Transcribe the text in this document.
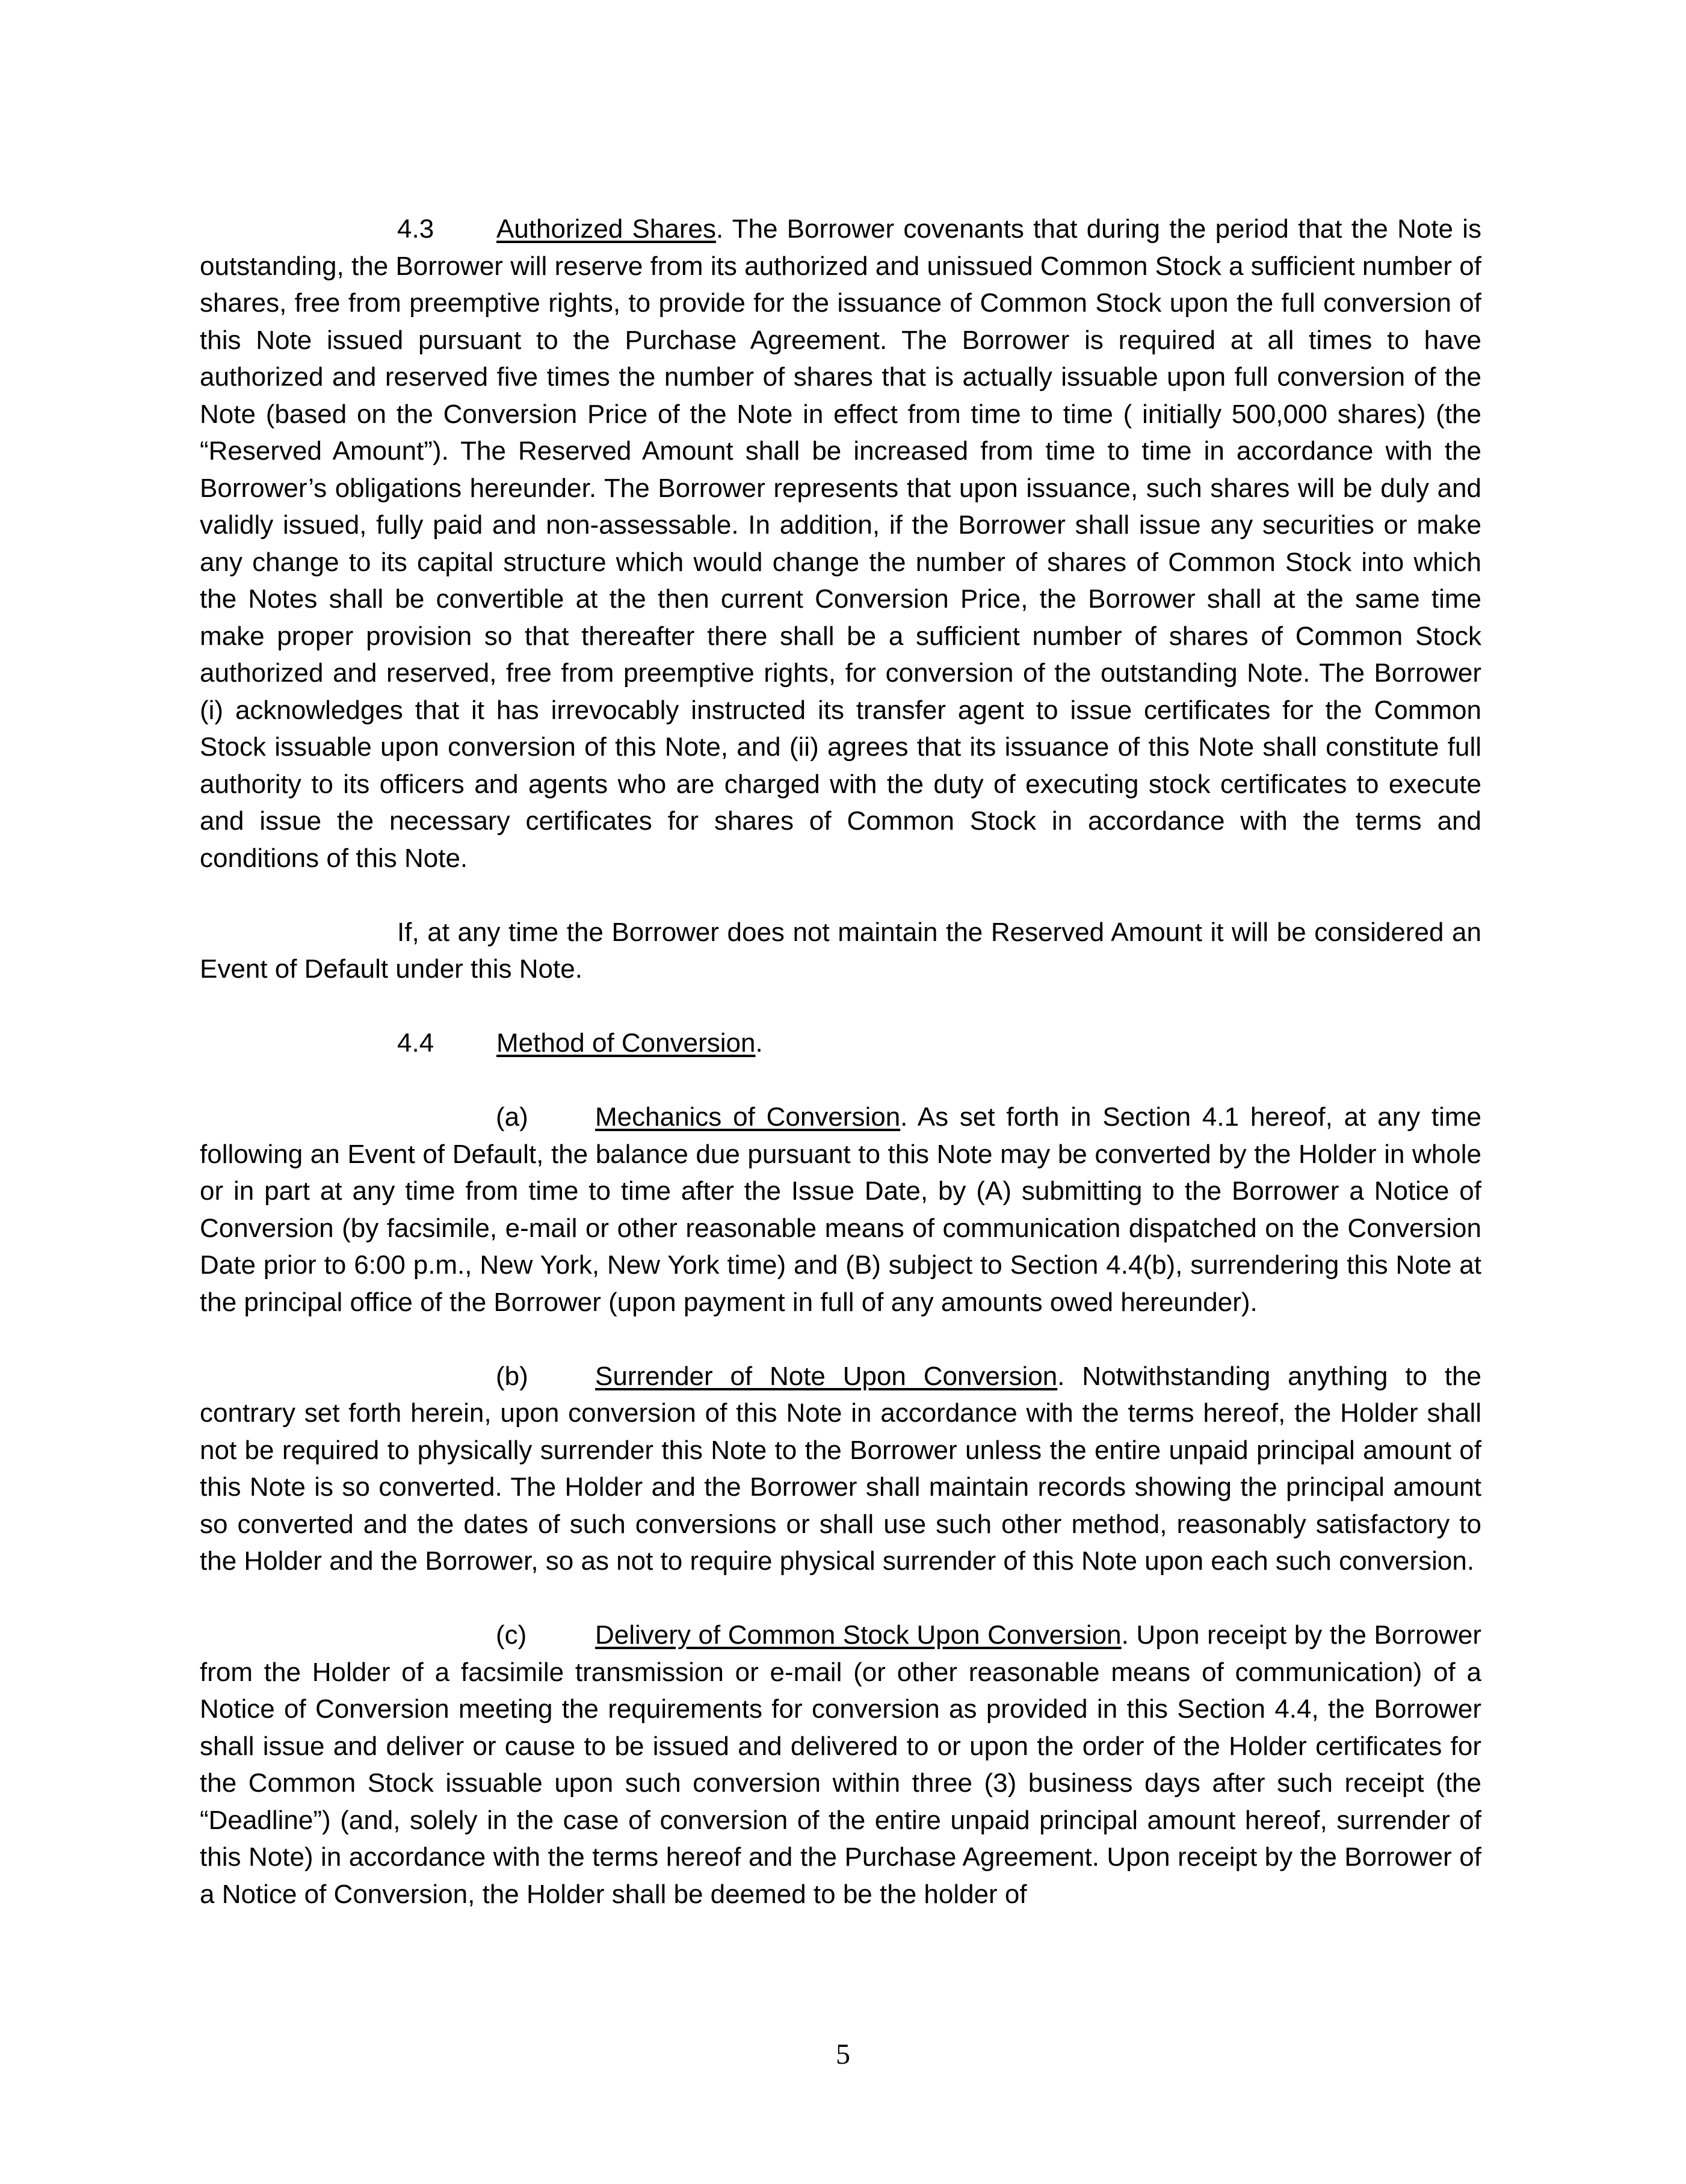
4.3 Authorized Shares. The Borrower covenants that during the period that the Note is outstanding, the Borrower will reserve from its authorized and unissued Common Stock a sufficient number of shares, free from preemptive rights, to provide for the issuance of Common Stock upon the full conversion of this Note issued pursuant to the Purchase Agreement. The Borrower is required at all times to have authorized and reserved five times the number of shares that is actually issuable upon full conversion of the Note (based on the Conversion Price of the Note in effect from time to time ( initially 500,000 shares) (the “Reserved Amount”). The Reserved Amount shall be increased from time to time in accordance with the Borrower’s obligations hereunder. The Borrower represents that upon issuance, such shares will be duly and validly issued, fully paid and non-assessable. In addition, if the Borrower shall issue any securities or make any change to its capital structure which would change the number of shares of Common Stock into which the Notes shall be convertible at the then current Conversion Price, the Borrower shall at the same time make proper provision so that thereafter there shall be a sufficient number of shares of Common Stock authorized and reserved, free from preemptive rights, for conversion of the outstanding Note. The Borrower (i) acknowledges that it has irrevocably instructed its transfer agent to issue certificates for the Common Stock issuable upon conversion of this Note, and (ii) agrees that its issuance of this Note shall constitute full authority to its officers and agents who are charged with the duty of executing stock certificates to execute and issue the necessary certificates for shares of Common Stock in accordance with the terms and conditions of this Note.

If, at any time the Borrower does not maintain the Reserved Amount it will be considered an Event of Default under this Note.

4.4 Method of Conversion.

(a)	Mechanics of Conversion. As set forth in Section 4.1 hereof, at any time following an Event of Default, the balance due pursuant to this Note may be converted by the Holder in whole or in part at any time from time to time after the Issue Date, by (A) submitting to the Borrower a Notice of Conversion (by facsimile, e-mail or other reasonable means of communication dispatched on the Conversion Date prior to 6:00 p.m., New York, New York time) and (B) subject to Section 4.4(b), surrendering this Note at the principal office of the Borrower (upon payment in full of any amounts owed hereunder).

(b)	Surrender of Note Upon Conversion. Notwithstanding anything to the contrary set forth herein, upon conversion of this Note in accordance with the terms hereof, the Holder shall not be required to physically surrender this Note to the Borrower unless the entire unpaid principal amount of this Note is so converted. The Holder and the Borrower shall maintain records showing the principal amount so converted and the dates of such conversions or shall use such other method, reasonably satisfactory to the Holder and the Borrower, so as not to require physical surrender of this Note upon each such conversion.

(c)	Delivery of Common Stock Upon Conversion. Upon receipt by the Borrower from the Holder of a facsimile transmission or e-mail (or other reasonable means of communication) of a Notice of Conversion meeting the requirements for conversion as provided in this Section 4.4, the Borrower shall issue and deliver or cause to be issued and delivered to or upon the order of the Holder certificates for the Common Stock issuable upon such conversion within three (3) business days after such receipt (the “Deadline”) (and, solely in the case of conversion of the entire unpaid principal amount hereof, surrender of this Note) in accordance with the terms hereof and the Purchase Agreement. Upon receipt by the Borrower of a Notice of Conversion, the Holder shall be deemed to be the holder of

5
